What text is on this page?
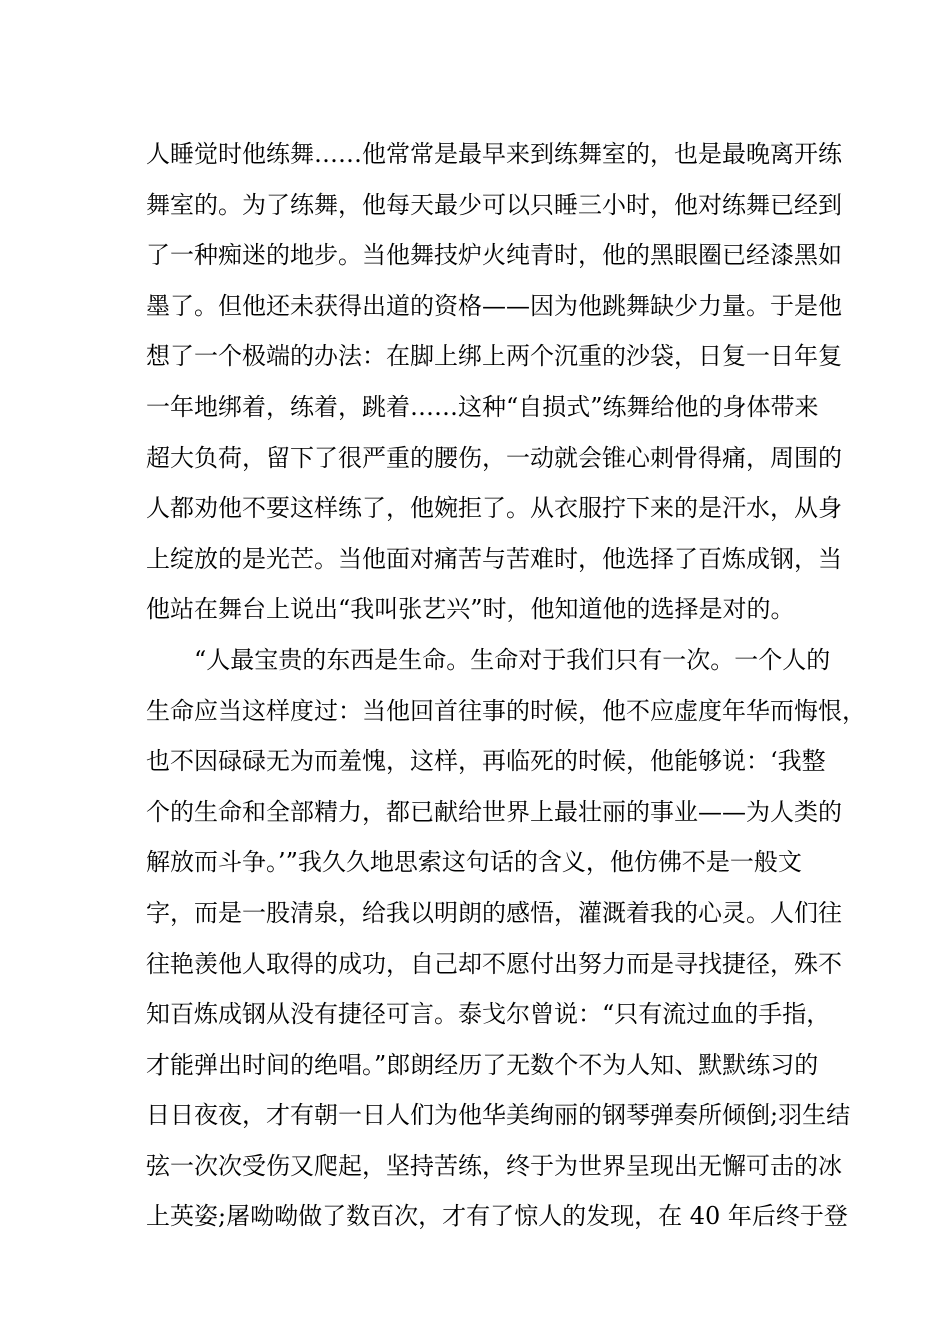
人睡觉时他练舞……他常常是最早来到练舞室的，也是最晚离开练
舞室的。为了练舞，他每天最少可以只睡三小时，他对练舞已经到
了一种痴迷的地步。当他舞技炉火纯青时，他的黑眼圈已经漆黑如
墨了。但他还未获得出道的资格——因为他跳舞缺少力量。于是他
想了一个极端的办法：在脚上绑上两个沉重的沙袋，日复一日年复
一年地绑着，练着，跳着……这种“自损式”练舞给他的身体带来
超大负荷，留下了很严重的腰伤，一动就会锥心刺骨得痛，周围的
人都劝他不要这样练了，他婉拒了。从衣服拧下来的是汗水，从身
上绽放的是光芒。当他面对痛苦与苦难时，他选择了百炼成钢，当
他站在舞台上说出“我叫张艺兴”时，他知道他的选择是对的。
“人最宝贵的东西是生命。生命对于我们只有一次。一个人的
生命应当这样度过：当他回首往事的时候，他不应虚度年华而悔恨，
也不因碌碌无为而羞愧，这样，再临死的时候，他能够说：‘我整
个的生命和全部精力，都已献给世界上最壮丽的事业——为人类的
解放而斗争。’”我久久地思索这句话的含义，他仿佛不是一般文
字，而是一股清泉，给我以明朗的感悟，灌溉着我的心灵。人们往
往艳羡他人取得的成功，自己却不愿付出努力而是寻找捷径，殊不
知百炼成钢从没有捷径可言。泰戈尔曾说：“只有流过血的手指，
才能弹出时间的绝唱。”郎朗经历了无数个不为人知、默默练习的
日日夜夜，才有朝一日人们为他华美绚丽的钢琴弹奏所倾倒;羽生结
弦一次次受伤又爬起，坚持苦练，终于为世界呈现出无懈可击的冰
上英姿;屠呦呦做了数百次，才有了惊人的发现，在 40 年后终于登
